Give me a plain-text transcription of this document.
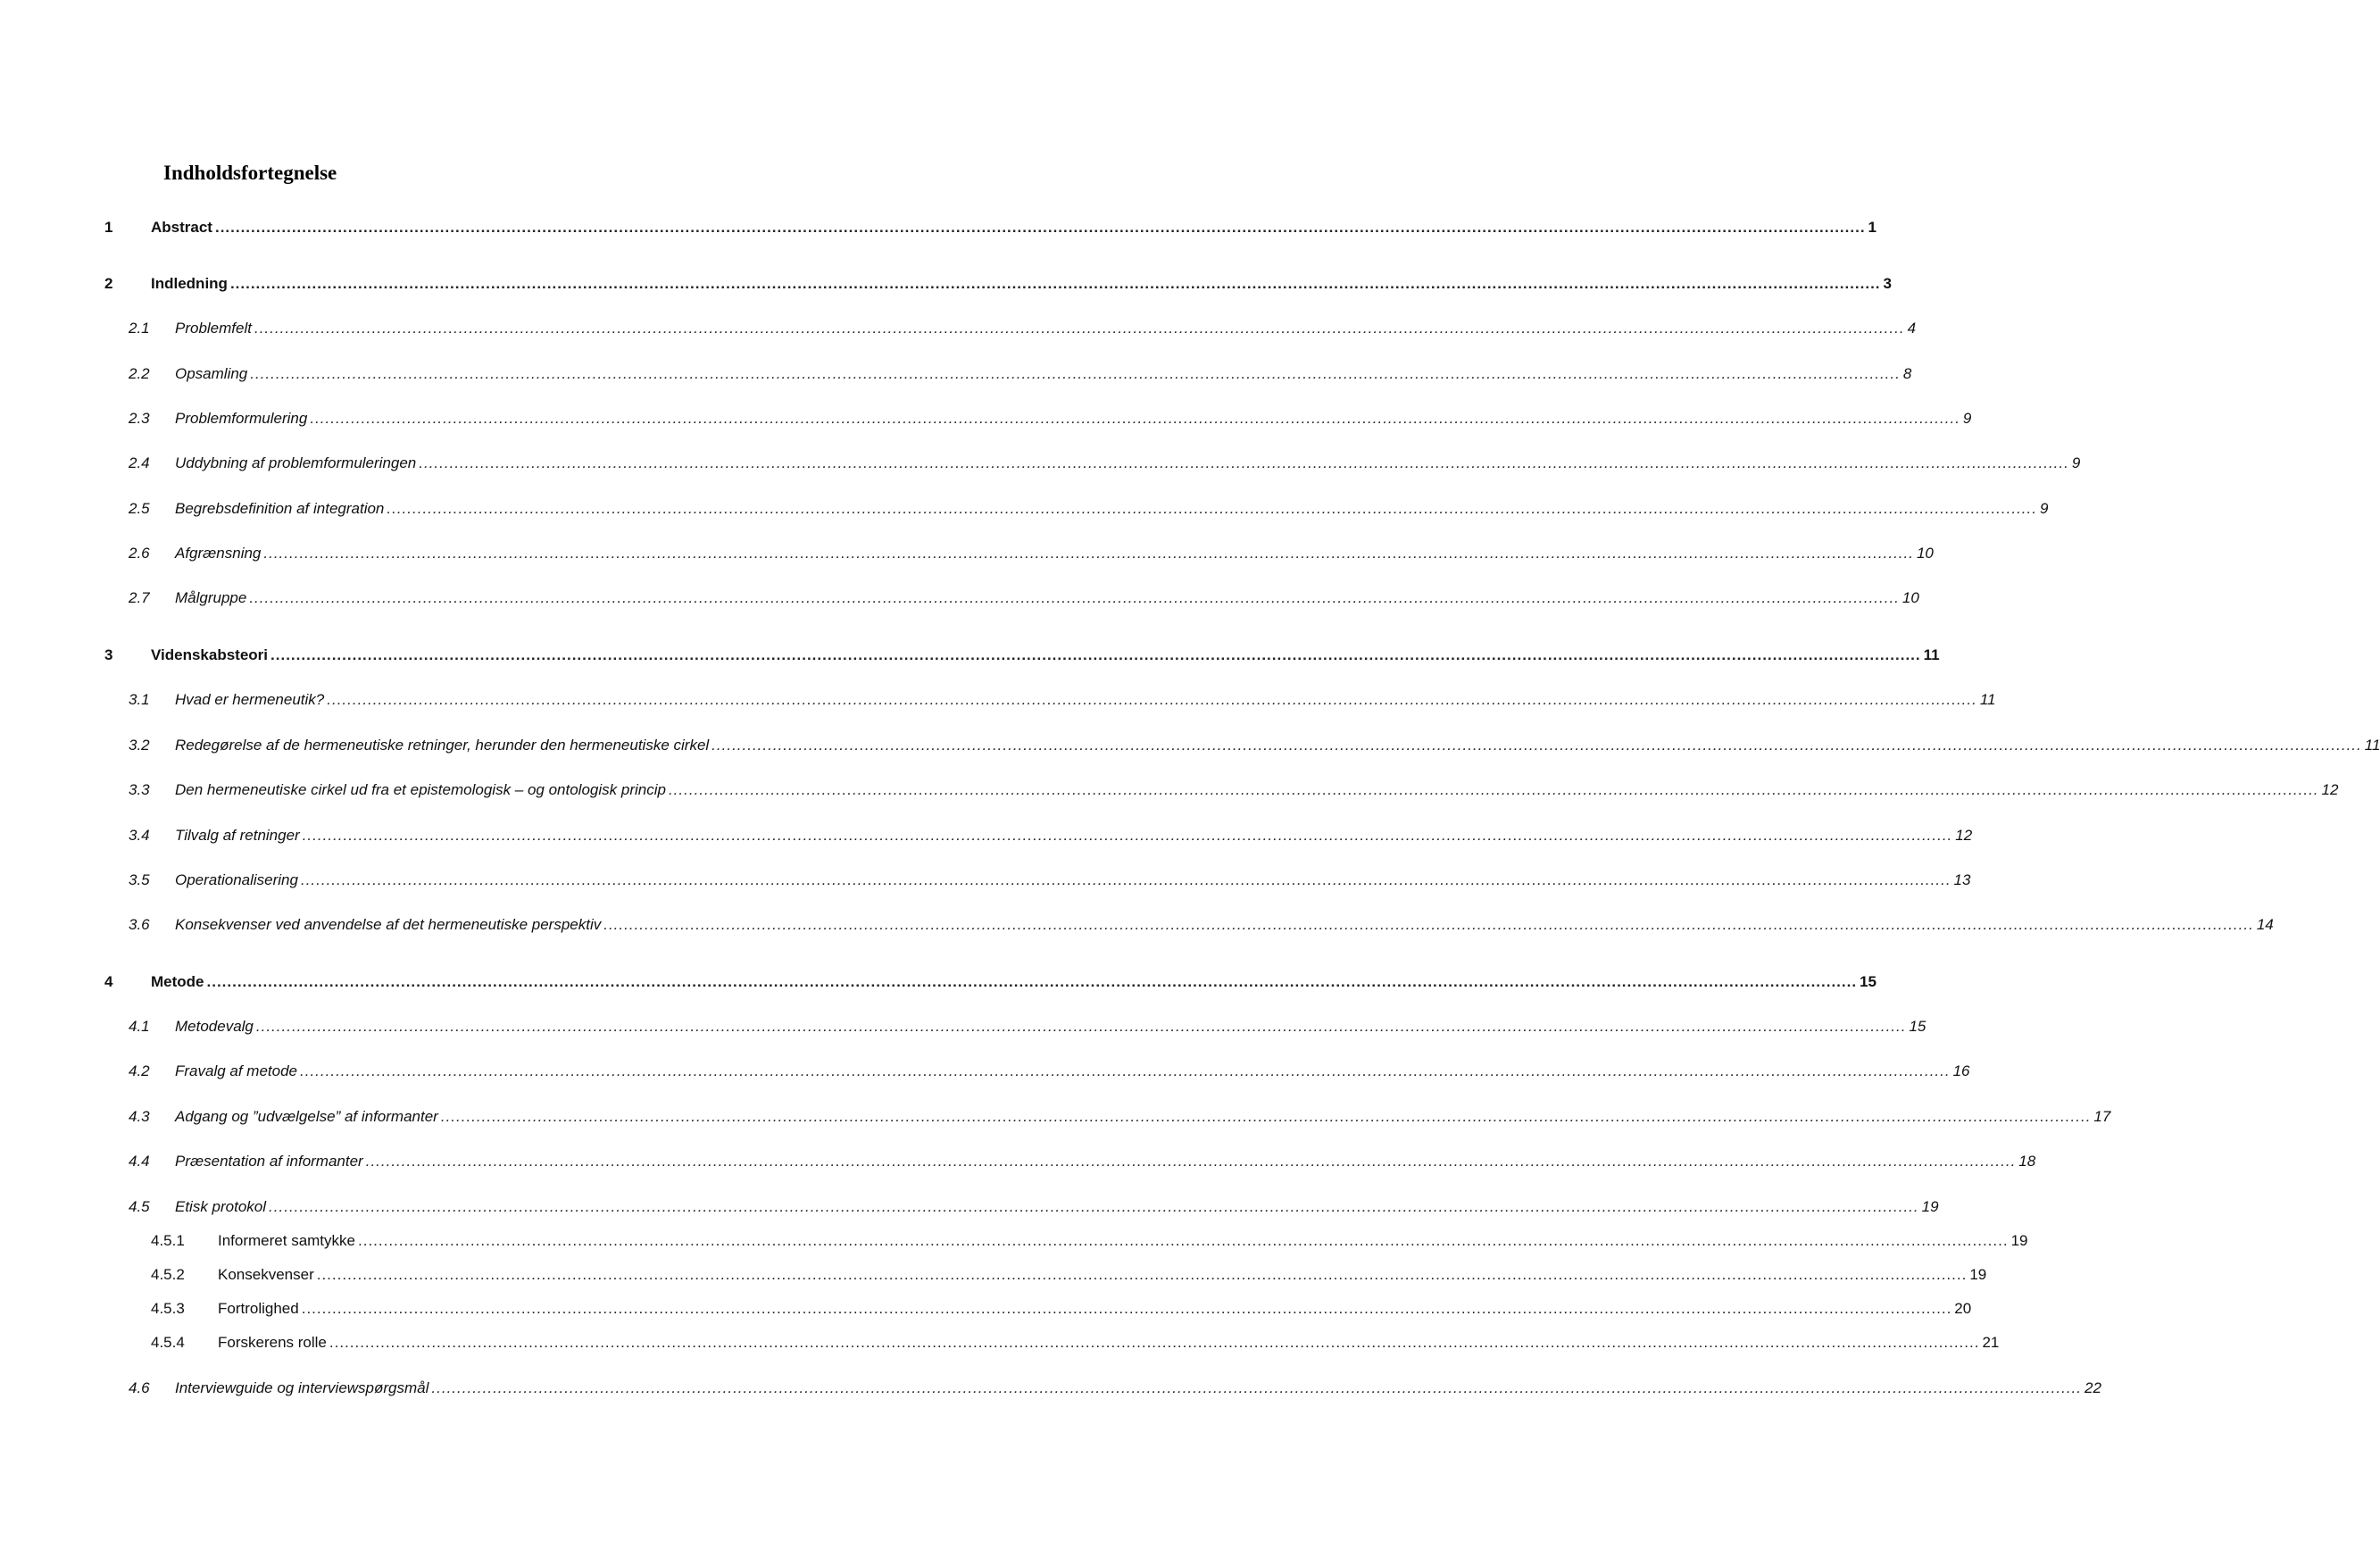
Indholdsfortegnelse
1	Abstract ................................................................................................................................................................................................................................................................................................................................... 1
2	Indledning ................................................................................................................................................................................................................................................................................................................................... 3
2.1	Problemfelt ................................................................................................................................................................................................................................................................................................................................... 4
2.2	Opsamling ................................................................................................................................................................................................................................................................................................................................... 8
2.3	Problemformulering ................................................................................................................................................................................................................................................................................................................................... 9
2.4	Uddybning af problemformuleringen ................................................................................................................................................................................................................................................................................................................................... 9
2.5	Begrebsdefinition af integration ................................................................................................................................................................................................................................................................................................................................... 9
2.6	Afgrænsning ................................................................................................................................................................................................................................................................................................................................... 10
2.7	Målgruppe ................................................................................................................................................................................................................................................................................................................................... 10
3	Videnskabsteori ................................................................................................................................................................................................................................................................................................................................... 11
3.1	Hvad er hermeneutik? ................................................................................................................................................................................................................................................................................................................................... 11
3.2	Redegørelse af de hermeneutiske retninger, herunder den hermeneutiske cirkel ................................................................................................................................................................................................................................................................................................................................... 11
3.3	Den hermeneutiske cirkel ud fra et epistemologisk – og ontologisk princip ................................................................................................................................................................................................................................................................................................................................... 12
3.4	Tilvalg af retninger ................................................................................................................................................................................................................................................................................................................................... 12
3.5	Operationalisering ................................................................................................................................................................................................................................................................................................................................... 13
3.6	Konsekvenser ved anvendelse af det hermeneutiske perspektiv ................................................................................................................................................................................................................................................................................................................................... 14
4	Metode ................................................................................................................................................................................................................................................................................................................................... 15
4.1	Metodevalg ................................................................................................................................................................................................................................................................................................................................... 15
4.2	Fravalg af metode ................................................................................................................................................................................................................................................................................................................................... 16
4.3	Adgang og ”udvælgelse” af informanter ................................................................................................................................................................................................................................................................................................................................... 17
4.4	Præsentation af informanter ................................................................................................................................................................................................................................................................................................................................... 18
4.5	Etisk protokol ................................................................................................................................................................................................................................................................................................................................... 19
4.5.1	Informeret samtykke ................................................................................................................................................................................................................................................................................................................................... 19
4.5.2	Konsekvenser ................................................................................................................................................................................................................................................................................................................................... 19
4.5.3	Fortrolighed ................................................................................................................................................................................................................................................................................................................................... 20
4.5.4	Forskerens rolle ................................................................................................................................................................................................................................................................................................................................... 21
4.6	Interviewguide og interviewspørgsmål ................................................................................................................................................................................................................................................................................................................................... 22
